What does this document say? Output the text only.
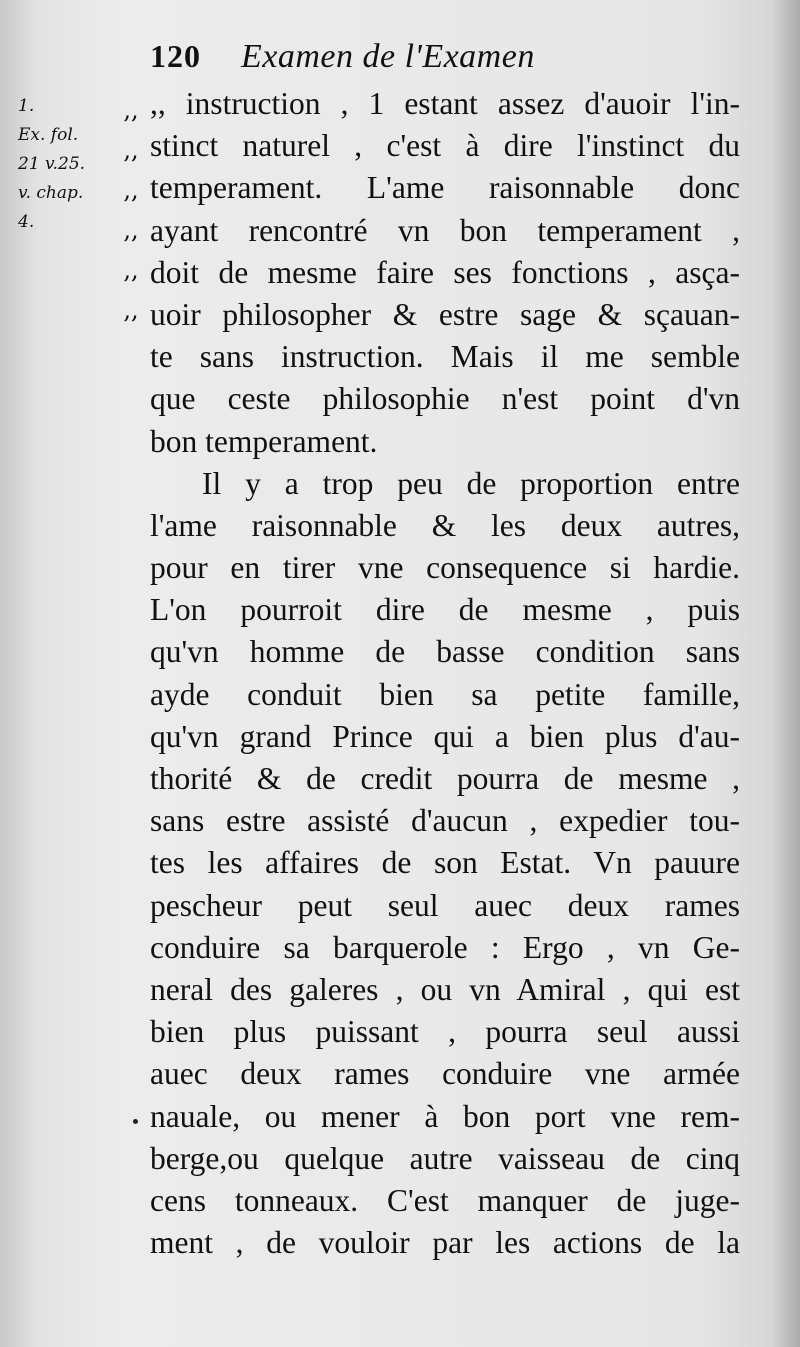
120 Examen de l'Examen
1.
Ex. fol.
21 v.25.
v. chap.
4.
,,
,,
,,
,,
,,
,,
,, instruction , 1 estant assez d'auoir l'in-
stinct naturel , c'est à dire l'instinct du
temperament. L'ame raisonnable donc
ayant rencontré vn bon temperament ,
doit de mesme faire ses fonctions , asça-
uoir philosopher & estre sage & sçauan-
te sans instruction. Mais il me semble
que ceste philosophie n'est point d'vn
bon temperament.
Il y a trop peu de proportion entre
l'ame raisonnable & les deux autres,
pour en tirer vne consequence si hardie.
L'on pourroit dire de mesme , puis
qu'vn homme de basse condition sans
ayde conduit bien sa petite famille,
qu'vn grand Prince qui a bien plus d'au-
thorité & de credit pourra de mesme ,
sans estre assisté d'aucun , expedier tou-
tes les affaires de son Estat. Vn pauure
pescheur peut seul auec deux rames
conduire sa barquerole : Ergo , vn Ge-
neral des galeres , ou vn Amiral , qui est
bien plus puissant , pourra seul aussi
auec deux rames conduire vne armée
nauale, ou mener à bon port vne rem-
berge,ou quelque autre vaisseau de cinq
cens tonneaux. C'est manquer de juge-
ment , de vouloir par les actions de la
